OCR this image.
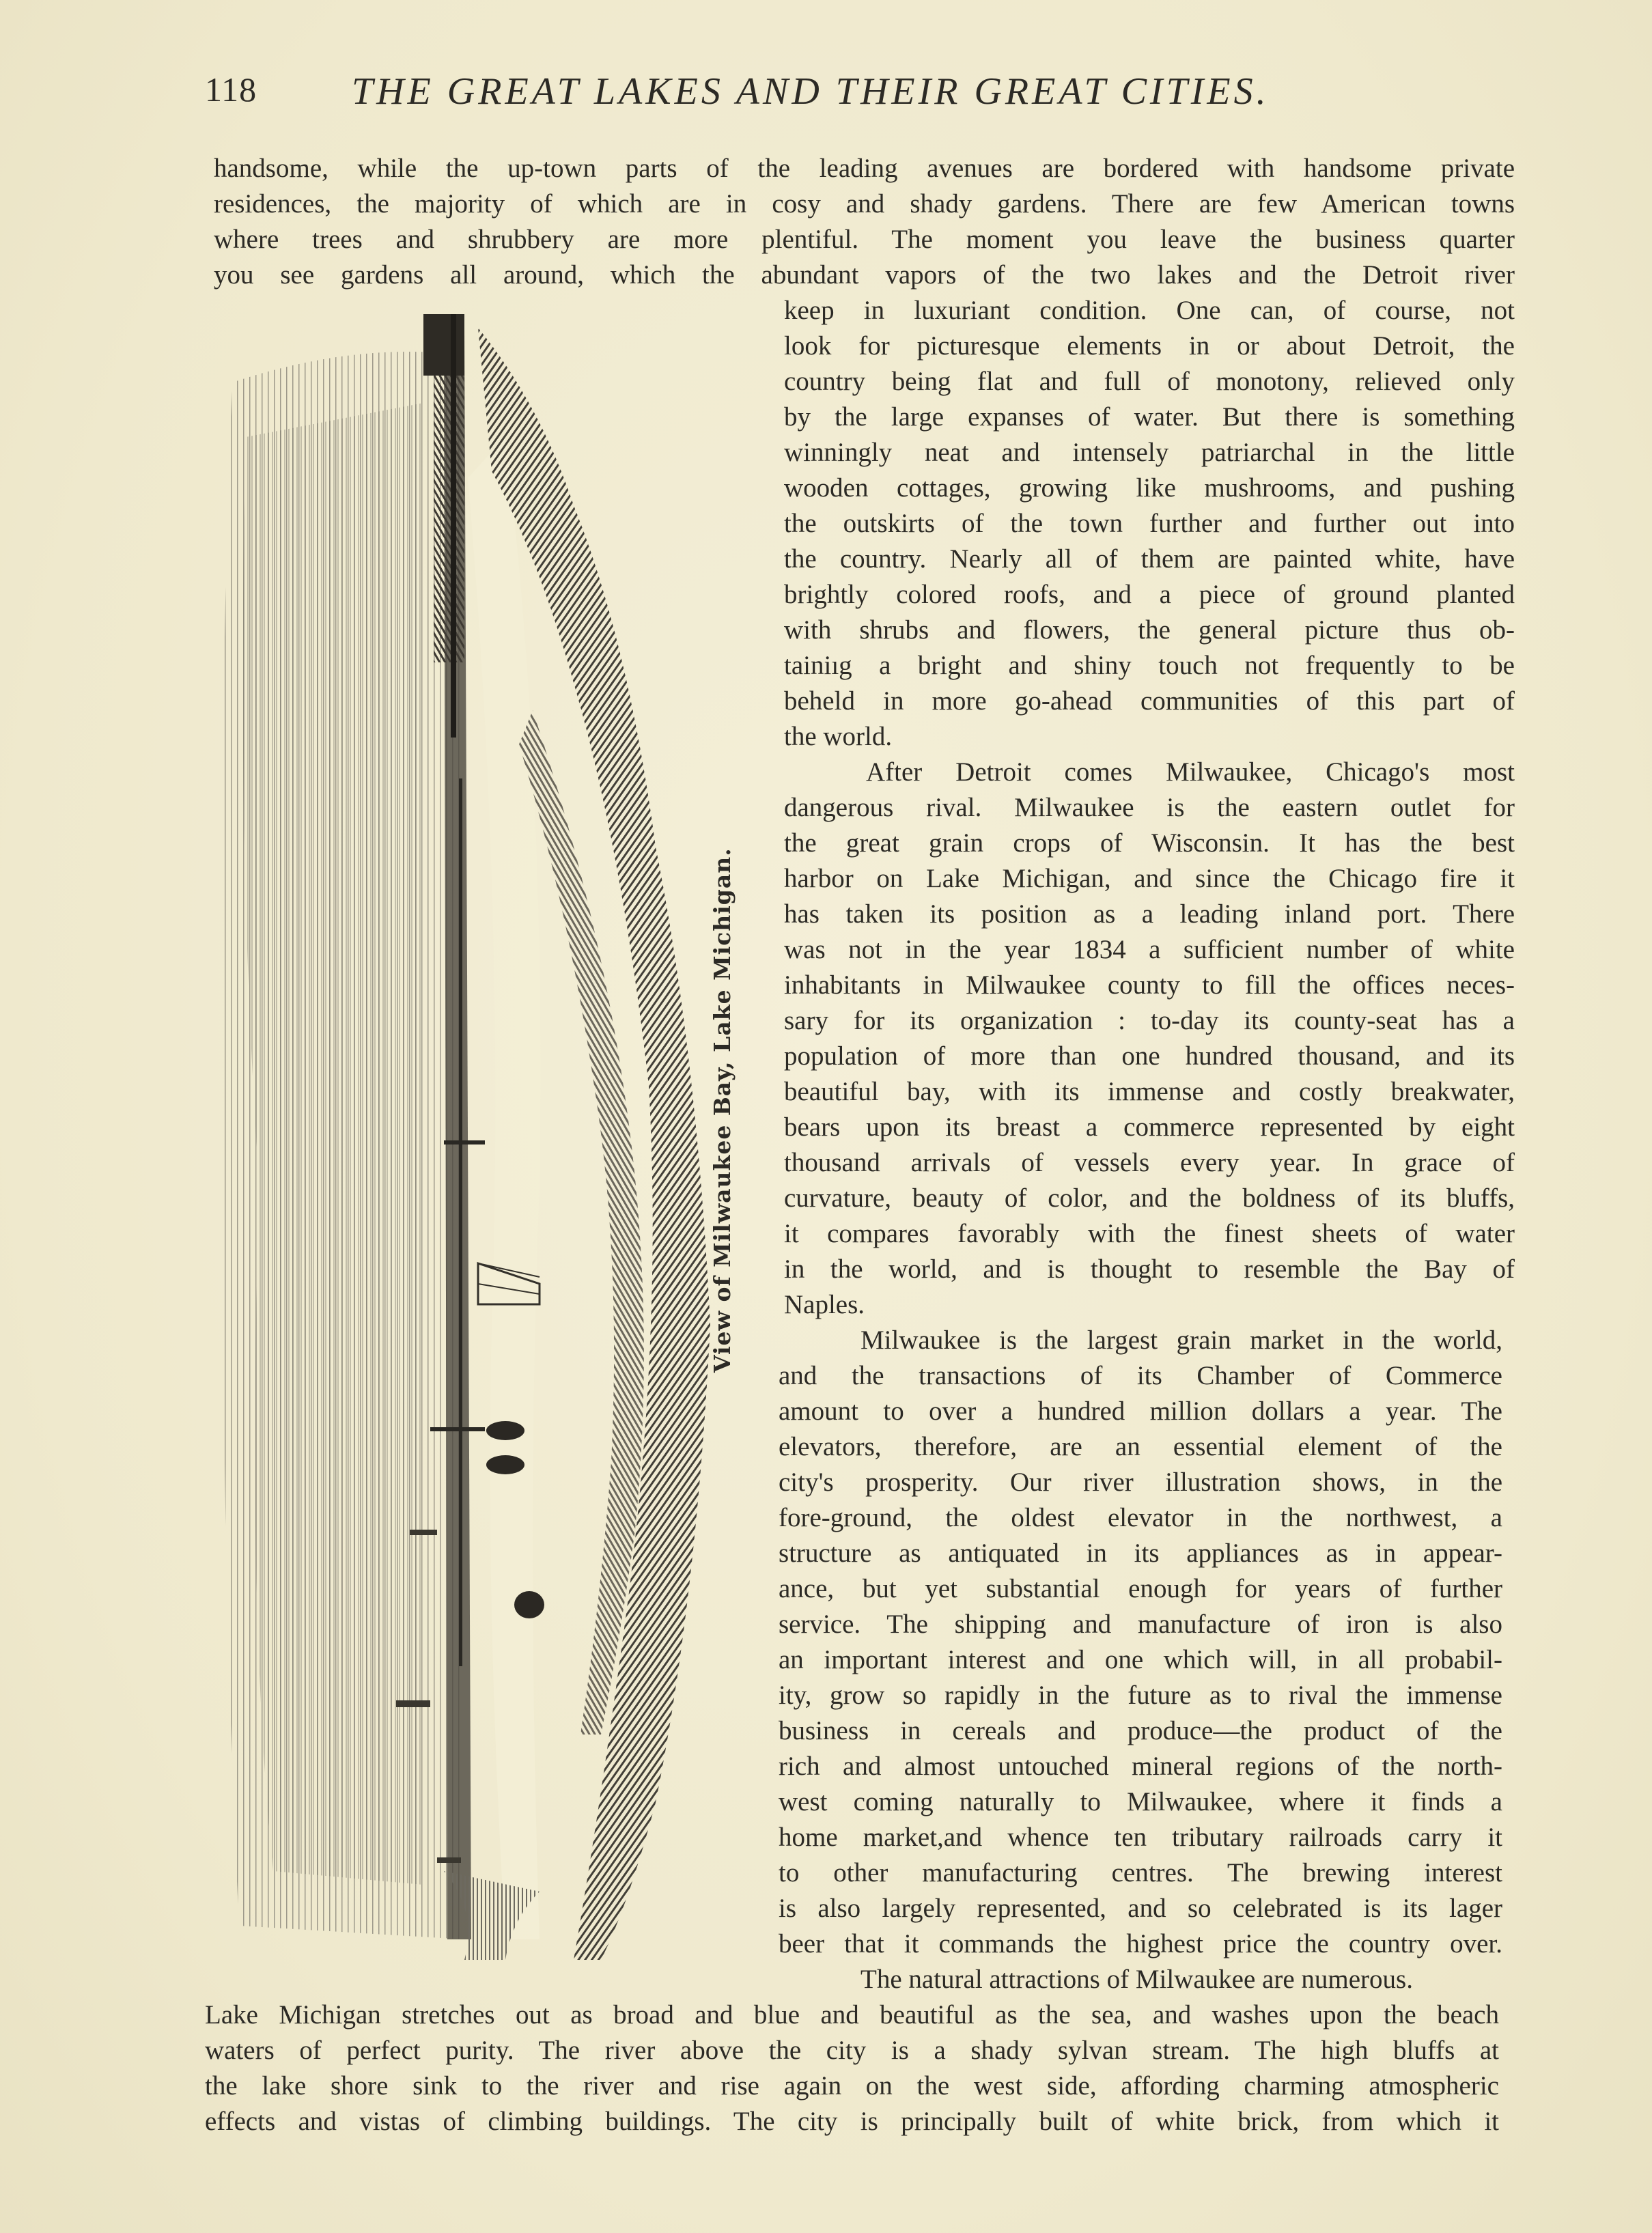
118 THE GREAT LAKES AND THEIR GREAT CITIES.
handsome, while the up-town parts of the leading avenues are bordered with handsome private
residences, the majority of which are in cosy and shady gardens. There are few American towns
where trees and shrubbery are more plentiful. The moment you leave the business quarter
you see gardens all around, which the abundant vapors of the two lakes and the Detroit river
View of Milwaukee Bay, Lake Michigan.
keep in luxuriant condition. One can, of course, not
look for picturesque elements in or about Detroit, the
country being flat and full of monotony, relieved only
by the large expanses of water. But there is something
winningly neat and intensely patriarchal in the little
wooden cottages, growing like mushrooms, and pushing
the outskirts of the town further and further out into
the country. Nearly all of them are painted white, have
brightly colored roofs, and a piece of ground planted
with shrubs and flowers, the general picture thus ob-
tainiıg a bright and shiny touch not frequently to be
beheld in more go-ahead communities of this part of
the world.
After Detroit comes Milwaukee, Chicago's most
dangerous rival. Milwaukee is the eastern outlet for
the great grain crops of Wisconsin. It has the best
harbor on Lake Michigan, and since the Chicago fire it
has taken its position as a leading inland port. There
was not in the year 1834 a sufficient number of white
inhabitants in Milwaukee county to fill the offices neces-
sary for its organization : to-day its county-seat has a
population of more than one hundred thousand, and its
beautiful bay, with its immense and costly breakwater,
bears upon its breast a commerce represented by eight
thousand arrivals of vessels every year. In grace of
curvature, beauty of color, and the boldness of its bluffs,
it compares favorably with the finest sheets of water
in the world, and is thought to resemble the Bay of
Naples.
Milwaukee is the largest grain market in the world,
and the transactions of its Chamber of Commerce
amount to over a hundred million dollars a year. The
elevators, therefore, are an essential element of the
city's prosperity. Our river illustration shows, in the
fore-ground, the oldest elevator in the northwest, a
structure as antiquated in its appliances as in appear-
ance, but yet substantial enough for years of further
service. The shipping and manufacture of iron is also
an important interest and one which will, in all probabil-
ity, grow so rapidly in the future as to rival the immense
business in cereals and produce—the product of the
rich and almost untouched mineral regions of the north-
west coming naturally to Milwaukee, where it finds a
home market,and whence ten tributary railroads carry it
to other manufacturing centres. The brewing interest
is also largely represented, and so celebrated is its lager
beer that it commands the highest price the country over.
The natural attractions of Milwaukee are numerous.
Lake Michigan stretches out as broad and blue and beautiful as the sea, and washes upon the beach
waters of perfect purity. The river above the city is a shady sylvan stream. The high bluffs at
the lake shore sink to the river and rise again on the west side, affording charming atmospheric
effects and vistas of climbing buildings. The city is principally built of white brick, from which it
